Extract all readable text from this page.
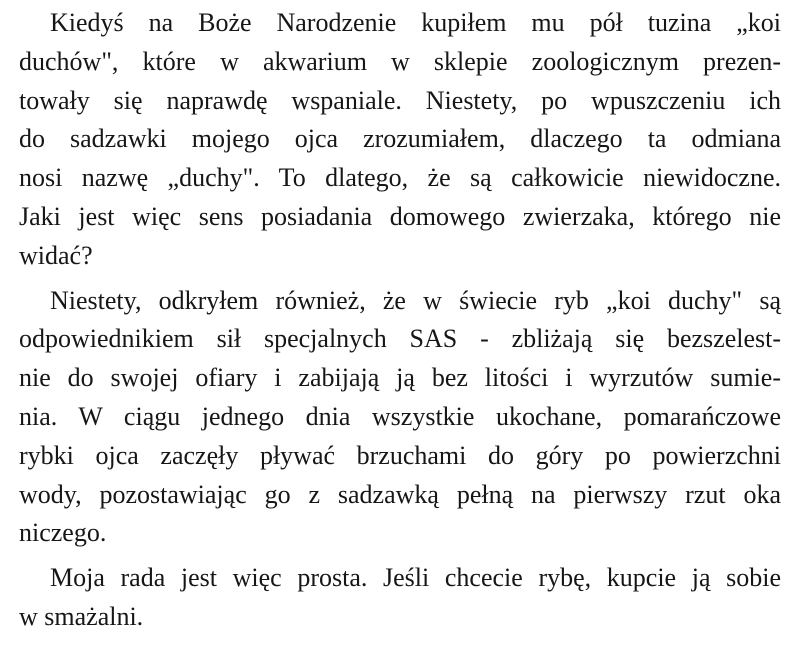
Kiedyś na Boże Narodzenie kupiłem mu pół tuzina „koi
duchów", które w akwarium w sklepie zoologicznym prezen-
towały się naprawdę wspaniale. Niestety, po wpuszczeniu ich
do sadzawki mojego ojca zrozumiałem, dlaczego ta odmiana
nosi nazwę „duchy". To dlatego, że są całkowicie niewidoczne.
Jaki jest więc sens posiadania domowego zwierzaka, którego nie
widać?
Niestety, odkryłem również, że w świecie ryb „koi duchy" są
odpowiednikiem sił specjalnych SAS - zbliżają się bezszelest-
nie do swojej ofiary i zabijają ją bez litości i wyrzutów sumie-
nia. W ciągu jednego dnia wszystkie ukochane, pomarańczowe
rybki ojca zaczęły pływać brzuchami do góry po powierzchni
wody, pozostawiając go z sadzawką pełną na pierwszy rzut oka
niczego.
Moja rada jest więc prosta. Jeśli chcecie rybę, kupcie ją sobie
w smażalni.
